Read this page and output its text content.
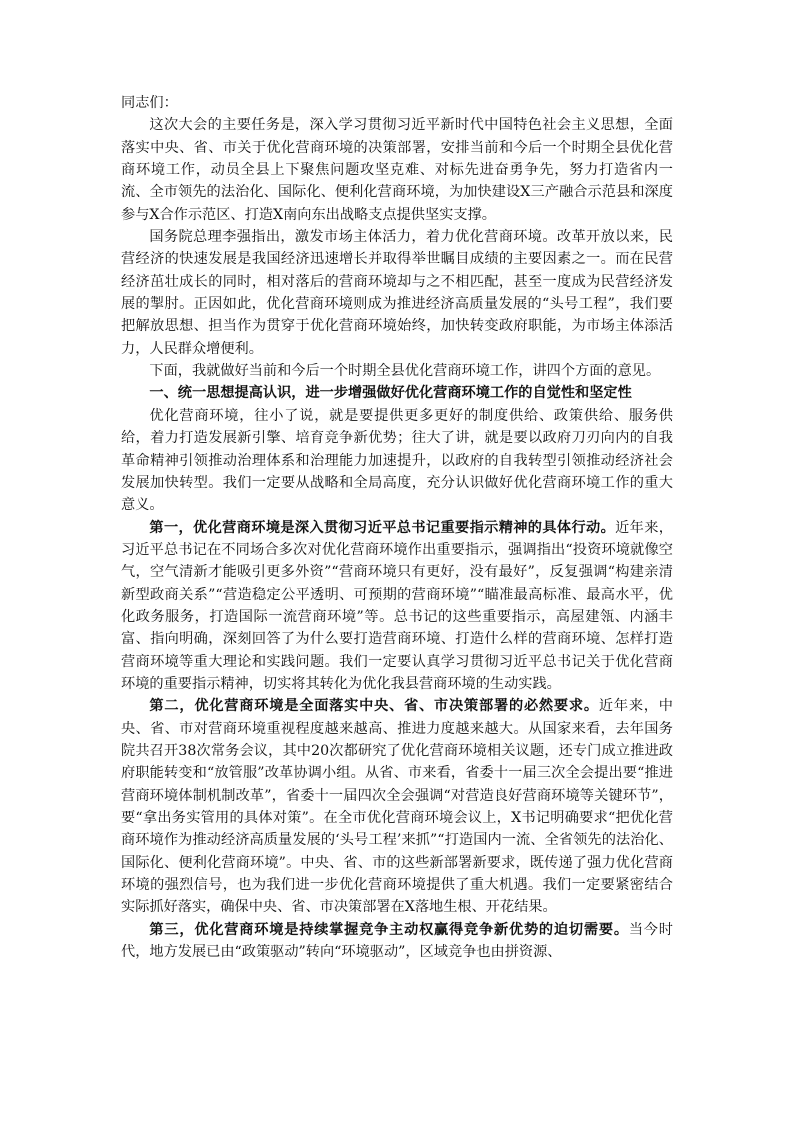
同志们：

这次大会的主要任务是，深入学习贯彻习近平新时代中国特色社会主义思想，全面落实中央、省、市关于优化营商环境的决策部署，安排当前和今后一个时期全县优化营商环境工作，动员全县上下聚焦问题攻坚克难、对标先进奋勇争先，努力打造省内一流、全市领先的法治化、国际化、便利化营商环境，为加快建设X三产融合示范县和深度参与X合作示范区、打造X南向东出战略支点提供坚实支撑。

国务院总理李强指出，激发市场主体活力，着力优化营商环境。改革开放以来，民营经济的快速发展是我国经济迅速增长并取得举世瞩目成绩的主要因素之一。而在民营经济茁壮成长的同时，相对落后的营商环境却与之不相匹配，甚至一度成为民营经济发展的掣肘。正因如此，优化营商环境则成为推进经济高质量发展的“头号工程”，我们要把解放思想、担当作为贯穿于优化营商环境始终，加快转变政府职能，为市场主体添活力，人民群众增便利。

下面，我就做好当前和今后一个时期全县优化营商环境工作，讲四个方面的意见。

一、统一思想提高认识，进一步增强做好优化营商环境工作的自觉性和坚定性

优化营商环境，往小了说，就是要提供更多更好的制度供给、政策供给、服务供给，着力打造发展新引擎、培育竞争新优势；往大了讲，就是要以政府刀刃向内的自我革命精神引领推动治理体系和治理能力加速提升，以政府的自我转型引领推动经济社会发展加快转型。我们一定要从战略和全局高度，充分认识做好优化营商环境工作的重大意义。

第一，优化营商环境是深入贯彻习近平总书记重要指示精神的具体行动。近年来，习近平总书记在不同场合多次对优化营商环境作出重要指示，强调指出“投资环境就像空气，空气清新才能吸引更多外资”“营商环境只有更好，没有最好”，反复强调“构建亲清新型政商关系”“营造稳定公平透明、可预期的营商环境”“瞄准最高标准、最高水平，优化政务服务，打造国际一流营商环境”等。总书记的这些重要指示，高屋建瓴、内涵丰富、指向明确，深刻回答了为什么要打造营商环境、打造什么样的营商环境、怎样打造营商环境等重大理论和实践问题。我们一定要认真学习贯彻习近平总书记关于优化营商环境的重要指示精神，切实将其转化为优化我县营商环境的生动实践。

第二，优化营商环境是全面落实中央、省、市决策部署的必然要求。近年来，中央、省、市对营商环境重视程度越来越高、推进力度越来越大。从国家来看，去年国务院共召开38次常务会议，其中20次都研究了优化营商环境相关议题，还专门成立推进政府职能转变和“放管服”改革协调小组。从省、市来看，省委十一届三次全会提出要“推进营商环境体制机制改革”，省委十一届四次全会强调“对营造良好营商环境等关键环节”，要“拿出务实管用的具体对策”。在全市优化营商环境会议上，X书记明确要求“把优化营商环境作为推动经济高质量发展的‘头号工程’来抓”“打造国内一流、全省领先的法治化、国际化、便利化营商环境”。中央、省、市的这些新部署新要求，既传递了强力优化营商环境的强烈信号，也为我们进一步优化营商环境提供了重大机遇。我们一定要紧密结合实际抓好落实，确保中央、省、市决策部署在X落地生根、开花结果。

第三，优化营商环境是持续掌握竞争主动权赢得竞争新优势的迫切需要。当今时代，地方发展已由“政策驱动”转向“环境驱动”，区域竞争也由拼资源、
